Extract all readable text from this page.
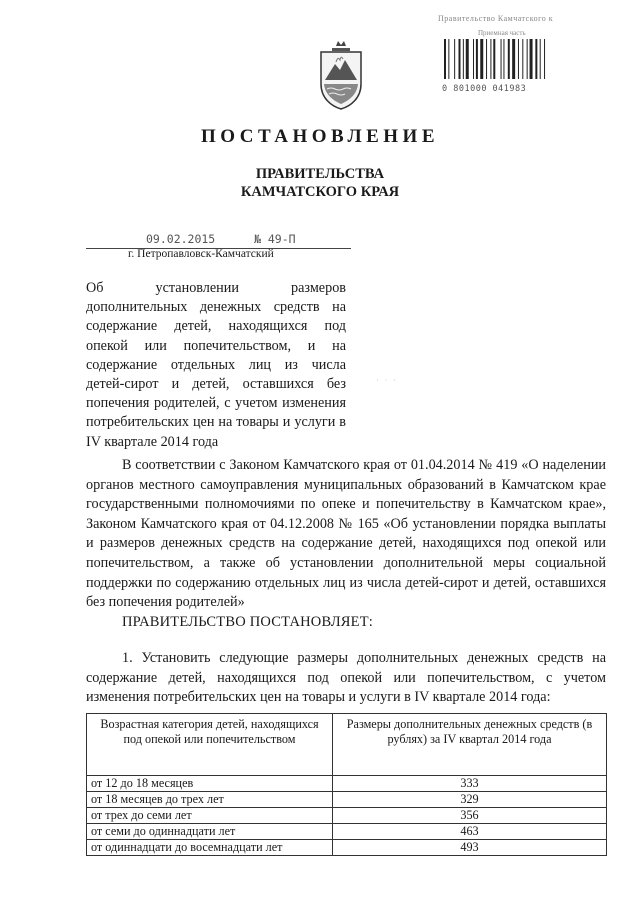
Правительство Камчатского к
Приемная часть
0 801000 041983
ПОСТАНОВЛЕНИЕ
ПРАВИТЕЛЬСТВА
КАМЧАТСКОГО КРАЯ
09.02.2015	№ 49-П
г. Петропавловск-Камчатский
Об установлении размеров дополнительных денежных средств на содержание детей, находящихся под опекой или попечительством, и на содержание отдельных лиц из числа детей-сирот и детей, оставшихся без попечения родителей, с учетом изменения потребительских цен на товары и услуги в IV квартале 2014 года
· · ·
В соответствии с Законом Камчатского края от 01.04.2014 № 419 «О наделении органов местного самоуправления муниципальных образований в Камчатском крае государственными полномочиями по опеке и попечительству в Камчатском крае», Законом Камчатского края от 04.12.2008 № 165 «Об установлении порядка выплаты и размеров денежных средств на содержание детей, находящихся под опекой или попечительством, а также об установлении дополнительной меры социальной поддержки по содержанию отдельных лиц из числа детей-сирот и детей, оставшихся без попечения родителей»
ПРАВИТЕЛЬСТВО ПОСТАНОВЛЯЕТ:
1. Установить следующие размеры дополнительных денежных средств на содержание детей, находящихся под опекой или попечительством, с учетом изменения потребительских цен на товары и услуги в IV квартале 2014 года:
Возрастная категория детей, находящихся под опекой или попечительством	Размеры дополнительных денежных средств (в рублях) за IV квартал 2014 года
от 12 до 18 месяцев	333
от 18 месяцев до трех лет	329
от трех до семи лет	356
от семи до одиннадцати лет	463
от одиннадцати до восемнадцати лет	493
